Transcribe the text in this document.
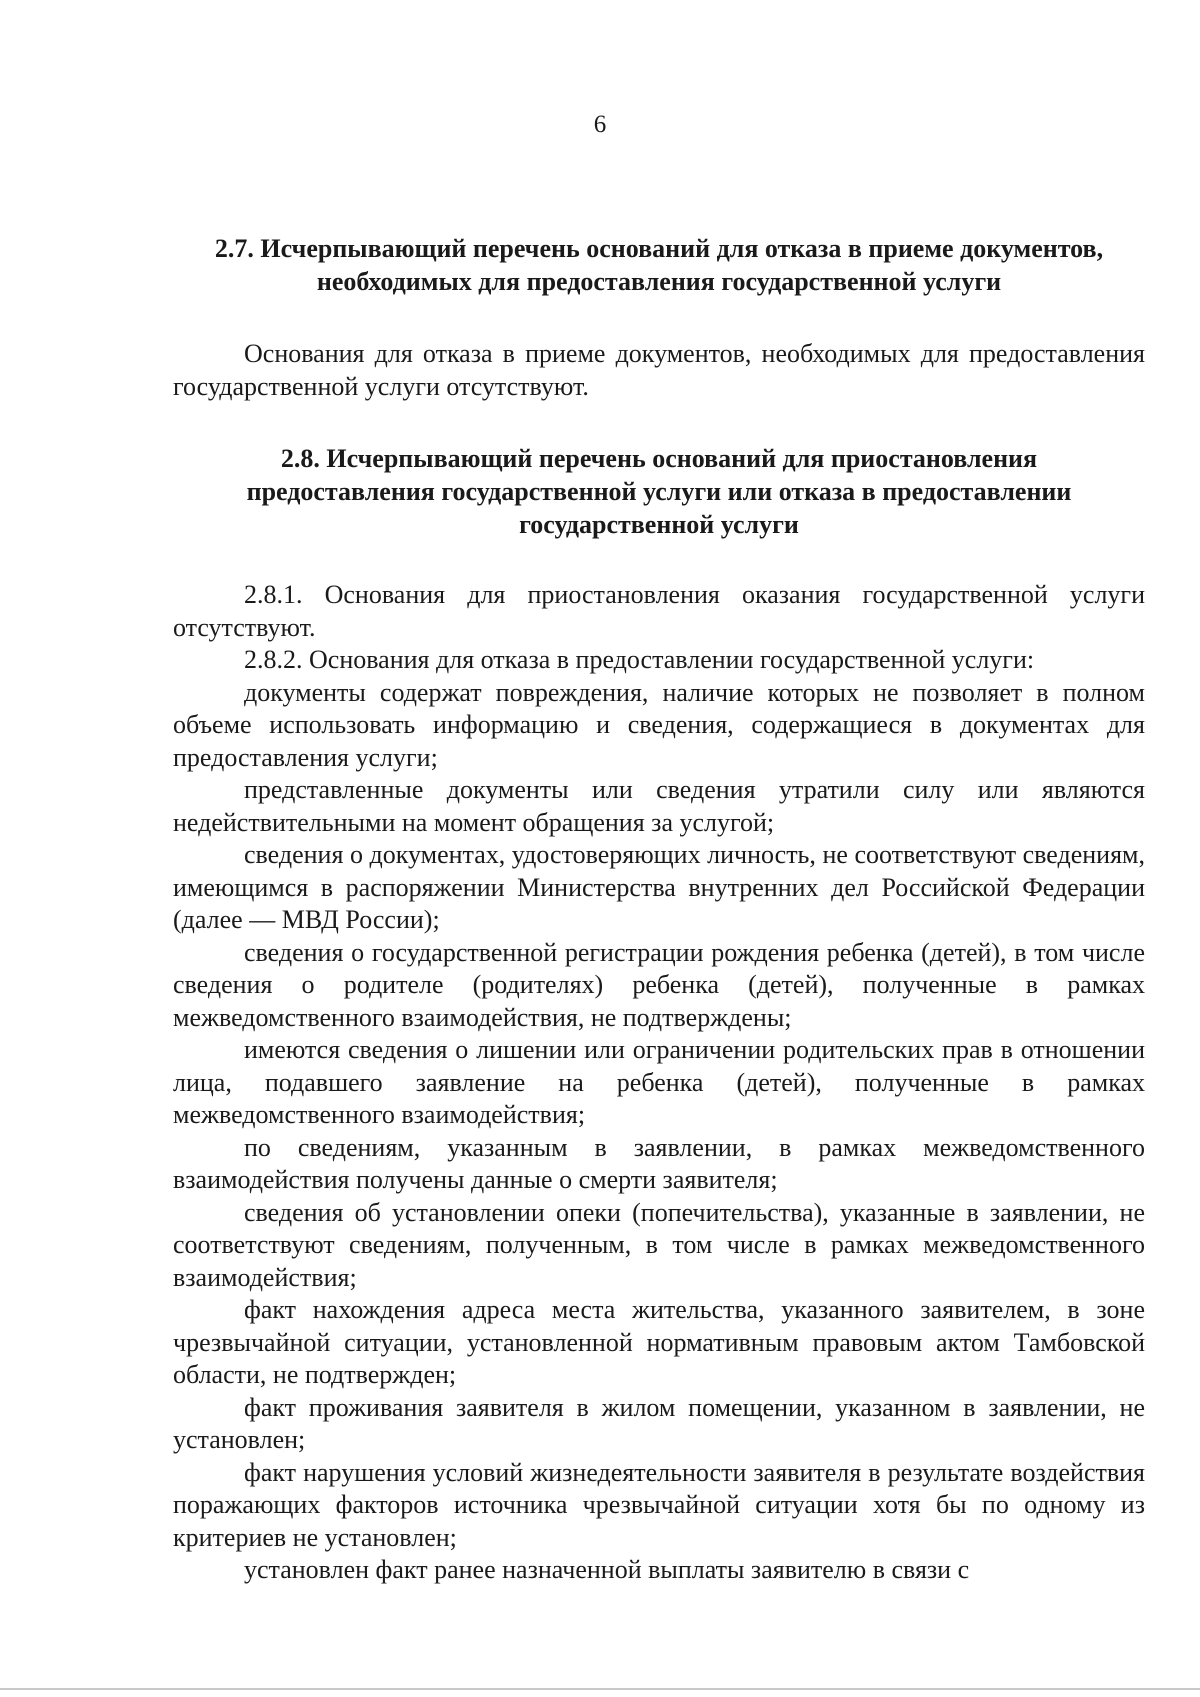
6
2.7. Исчерпывающий перечень оснований для отказа в приеме документов,
необходимых для предоставления государственной услуги

Основания для отказа в приеме документов, необходимых для предоставления государственной услуги отсутствуют.

2.8. Исчерпывающий перечень оснований для приостановления
предоставления государственной услуги или отказа в предоставлении
государственной услуги

2.8.1. Основания для приостановления оказания государственной услуги отсутствуют.

2.8.2. Основания для отказа в предоставлении государственной услуги:

документы содержат повреждения, наличие которых не позволяет в полном объеме использовать информацию и сведения, содержащиеся в документах для предоставления услуги;

представленные документы или сведения утратили силу или являются недействительными на момент обращения за услугой;

сведения о документах, удостоверяющих личность, не соответствуют сведениям, имеющимся в распоряжении Министерства внутренних дел Российской Федерации (далее — МВД России);

сведения о государственной регистрации рождения ребенка (детей), в том числе сведения о родителе (родителях) ребенка (детей), полученные в рамках межведомственного взаимодействия, не подтверждены;

имеются сведения о лишении или ограничении родительских прав в отношении лица, подавшего заявление на ребенка (детей), полученные в рамках межведомственного взаимодействия;

по сведениям, указанным в заявлении, в рамках межведомственного взаимодействия получены данные о смерти заявителя;

сведения об установлении опеки (попечительства), указанные в заявлении, не соответствуют сведениям, полученным, в том числе в рамках межведомственного взаимодействия;

факт нахождения адреса места жительства, указанного заявителем, в зоне чрезвычайной ситуации, установленной нормативным правовым актом Тамбовской области, не подтвержден;

факт проживания заявителя в жилом помещении, указанном в заявлении, не установлен;

факт нарушения условий жизнедеятельности заявителя в результате воздействия поражающих факторов источника чрезвычайной ситуации хотя бы по одному из критериев не установлен;

установлен факт ранее назначенной выплаты заявителю в связи с
